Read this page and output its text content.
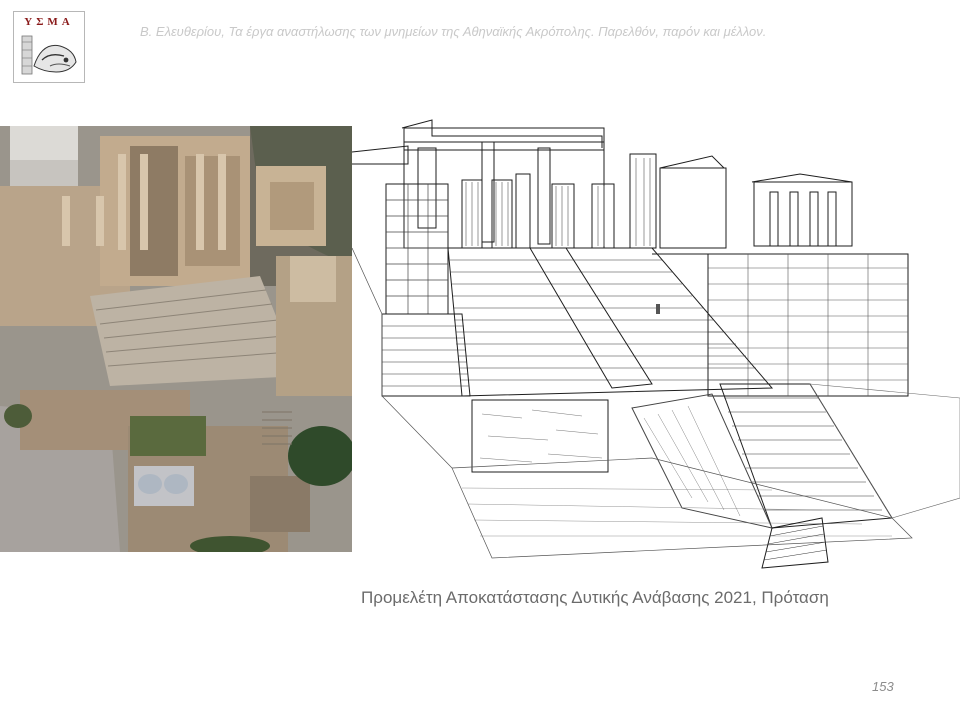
ΥΣΜΑ
Β. Ελευθερίου, Τα έργα αναστήλωσης των μνημείων της Αθηναϊκής Ακρόπολης. Παρελθόν, παρόν και μέλλον.
Προμελέτη Αποκατάστασης Δυτικής Ανάβασης 2021, Πρόταση
153
